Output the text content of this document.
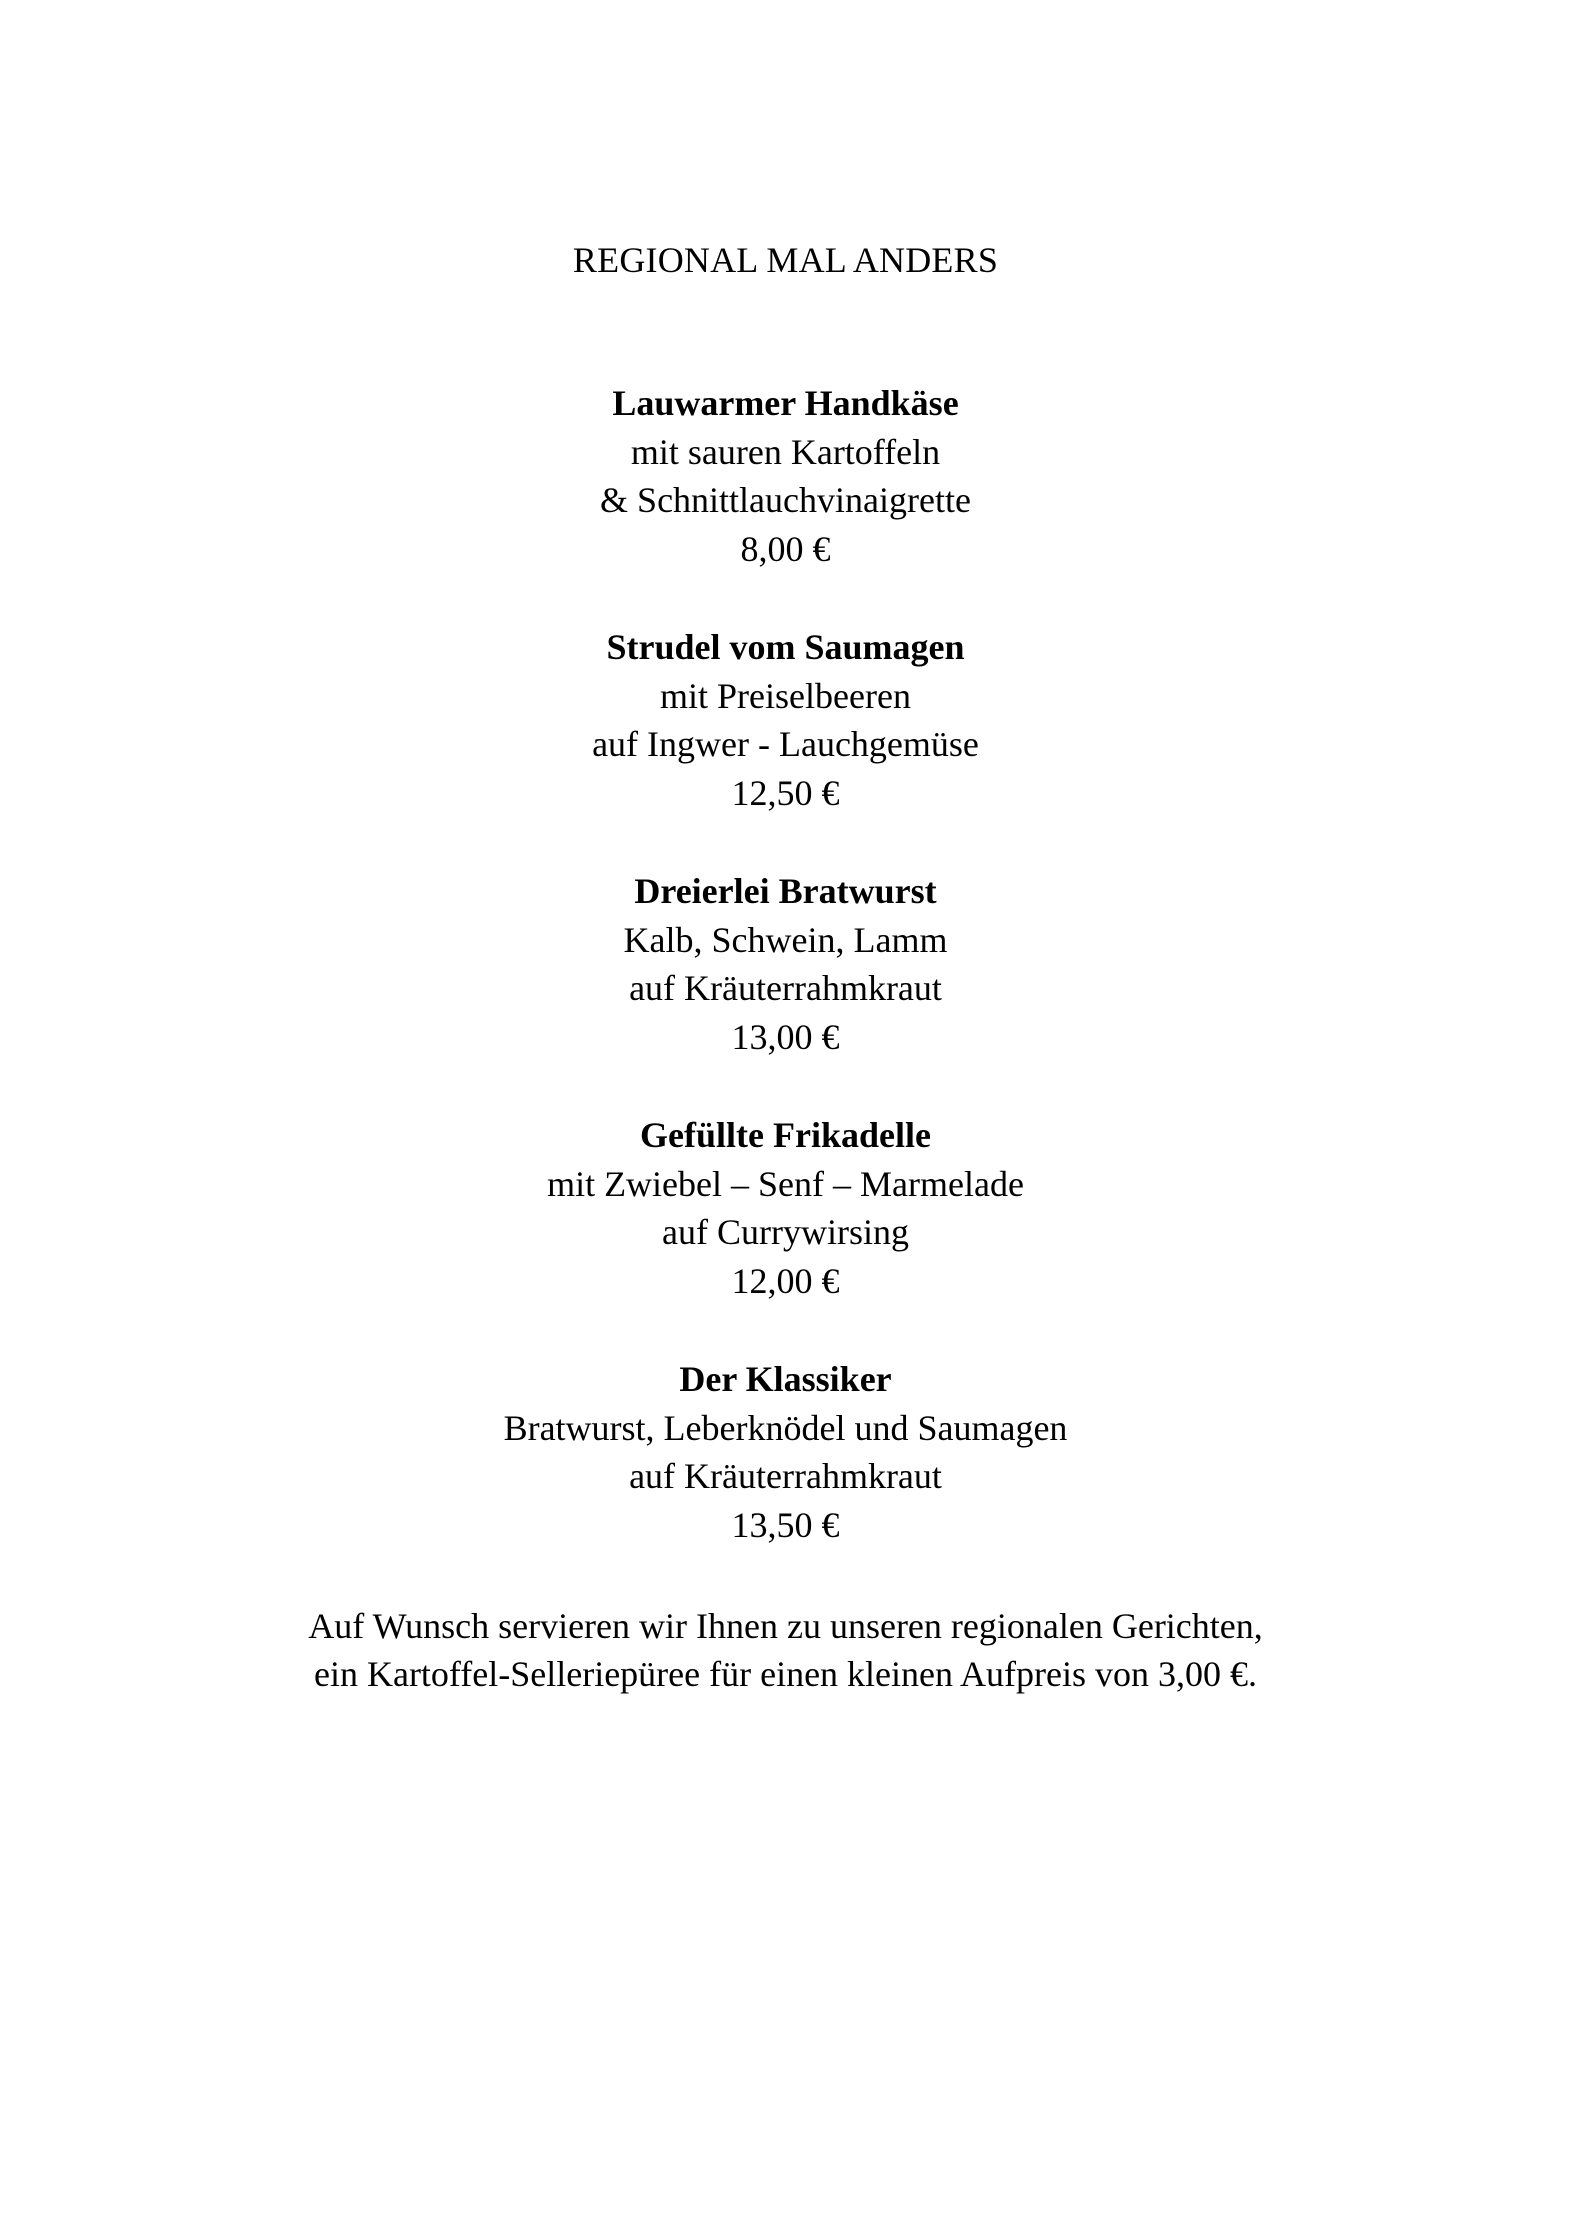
REGIONAL MAL ANDERS
Lauwarmer Handkäse
mit sauren Kartoffeln
& Schnittlauchvinaigrette
8,00 €
Strudel vom Saumagen
mit Preiselbeeren
auf Ingwer - Lauchgemüse
12,50 €
Dreierlei Bratwurst
Kalb, Schwein, Lamm
auf Kräuterrahmkraut
13,00 €
Gefüllte Frikadelle
mit Zwiebel – Senf – Marmelade
auf Currywirsing
12,00 €
Der Klassiker
Bratwurst, Leberknödel und Saumagen
auf Kräuterrahmkraut
13,50 €
Auf Wunsch servieren wir Ihnen zu unseren regionalen Gerichten,
ein Kartoffel-Selleriepüree für einen kleinen Aufpreis von 3,00 €.
